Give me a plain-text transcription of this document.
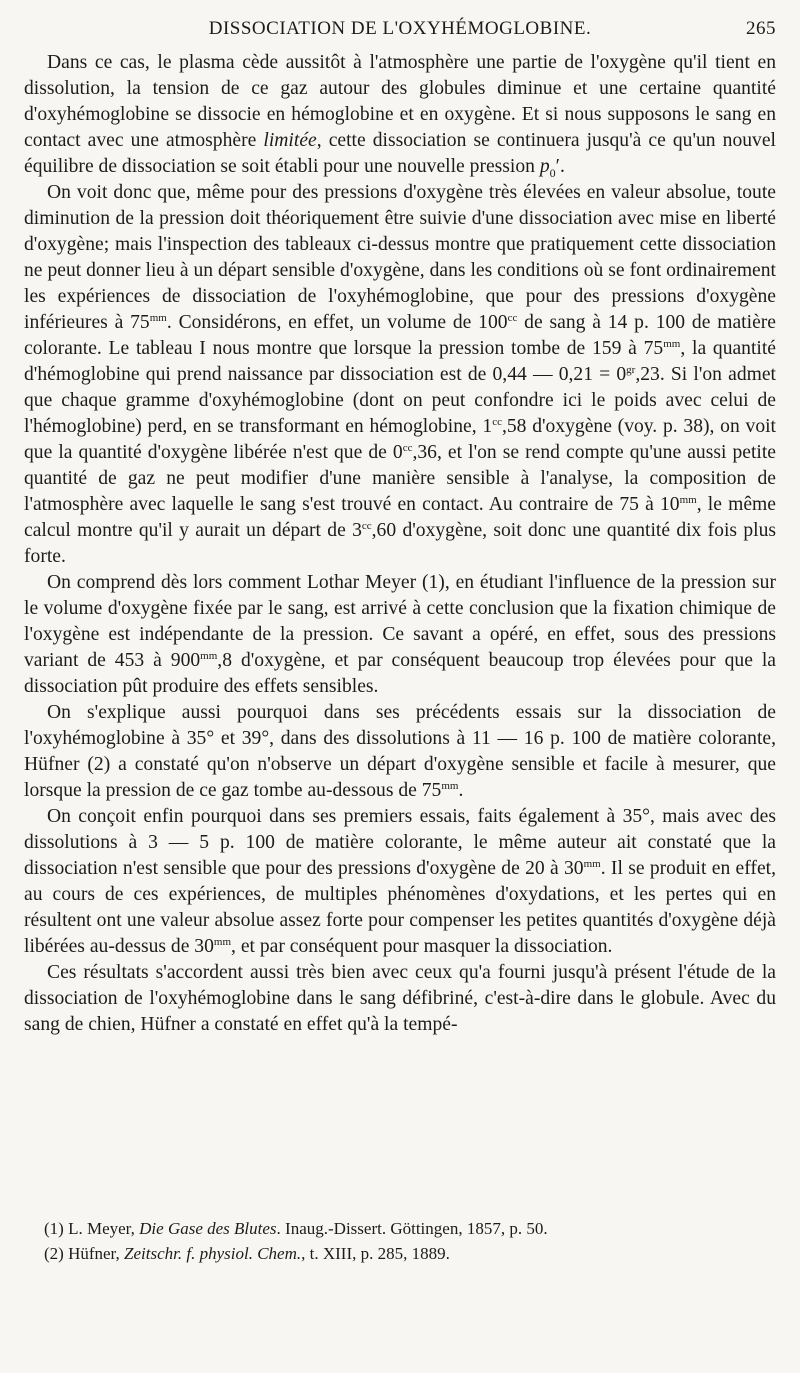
DISSOCIATION DE L'OXYHÉMOGLOBINE.	265

Dans ce cas, le plasma cède aussitôt à l'atmosphère une partie de l'oxygène qu'il tient en dissolution, la tension de ce gaz autour des globules diminue et une certaine quantité d'oxyhémoglobine se dissocie en hémoglobine et en oxygène. Et si nous supposons le sang en contact avec une atmosphère limitée, cette dissociation se continuera jusqu'à ce qu'un nouvel équilibre de dissociation se soit établi pour une nouvelle pression $p_0'$.

On voit donc que, même pour des pressions d'oxygène très élevées en valeur absolue, toute diminution de la pression doit théoriquement être suivie d'une dissociation avec mise en liberté d'oxygène; mais l'inspection des tableaux ci-dessus montre que pratiquement cette dissociation ne peut donner lieu à un départ sensible d'oxygène, dans les conditions où se font ordinairement les expériences de dissociation de l'oxyhémoglobine, que pour des pressions d'oxygène inférieures à $75^{mm}$. Considérons, en effet, un volume de $100^{cc}$ de sang à 14 p. 100 de matière colorante. Le tableau I nous montre que lorsque la pression tombe de 159 à $75^{mm}$, la quantité d'hémoglobine qui prend naissance par dissociation est de 0,44 — $0,21 = 0^{gr},23$. Si l'on admet que chaque gramme d'oxyhémoglobine (dont on peut confondre ici le poids avec celui de l'hémoglobine) perd, en se transformant en hémoglobine, $1^{cc},58$ d'oxygène (voy. p. 38), on voit que la quantité d'oxygène libérée n'est que de $0^{cc},36$, et l'on se rend compte qu'une aussi petite quantité de gaz ne peut modifier d'une manière sensible à l'analyse, la composition de l'atmosphère avec laquelle le sang s'est trouvé en contact. Au contraire de 75 à $10^{mm}$, le même calcul montre qu'il y aurait un départ de $3^{cc},60$ d'oxygène, soit donc une quantité dix fois plus forte.

On comprend dès lors comment Lothar Meyer (1), en étudiant l'influence de la pression sur le volume d'oxygène fixée par le sang, est arrivé à cette conclusion que la fixation chimique de l'oxygène est indépendante de la pression. Ce savant a opéré, en effet, sous des pressions variant de 453 à $900^{mm},8$ d'oxygène, et par conséquent beaucoup trop élevées pour que la dissociation pût produire des effets sensibles.

On s'explique aussi pourquoi dans ses précédents essais sur la dissociation de l'oxyhémoglobine à 35° et 39°, dans des dissolutions à 11 — 16 p. 100 de matière colorante, Hüfner (2) a constaté qu'on n'observe un départ d'oxygène sensible et facile à mesurer, que lorsque la pression de ce gaz tombe au-dessous de $75^{mm}$.

On conçoit enfin pourquoi dans ses premiers essais, faits également à 35°, mais avec des dissolutions à 3 — 5 p. 100 de matière colorante, le même auteur ait constaté que la dissociation n'est sensible que pour des pressions d'oxygène de 20 à $30^{mm}$. Il se produit en effet, au cours de ces expériences, de multiples phénomènes d'oxydations, et les pertes qui en résultent ont une valeur absolue assez forte pour compenser les petites quantités d'oxygène déjà libérées au-dessus de $30^{mm}$, et par conséquent pour masquer la dissociation.

Ces résultats s'accordent aussi très bien avec ceux qu'a fourni jusqu'à présent l'étude de la dissociation de l'oxyhémoglobine dans le sang défibriné, c'est-à-dire dans le globule. Avec du sang de chien, Hüfner a constaté en effet qu'à la tempé-

(1) L. Meyer, Die Gase des Blutes. Inaug.-Dissert. Göttingen, 1857, p. 50.
(2) Hüfner, Zeitschr. f. physiol. Chem., t. XIII, p. 285, 1889.
